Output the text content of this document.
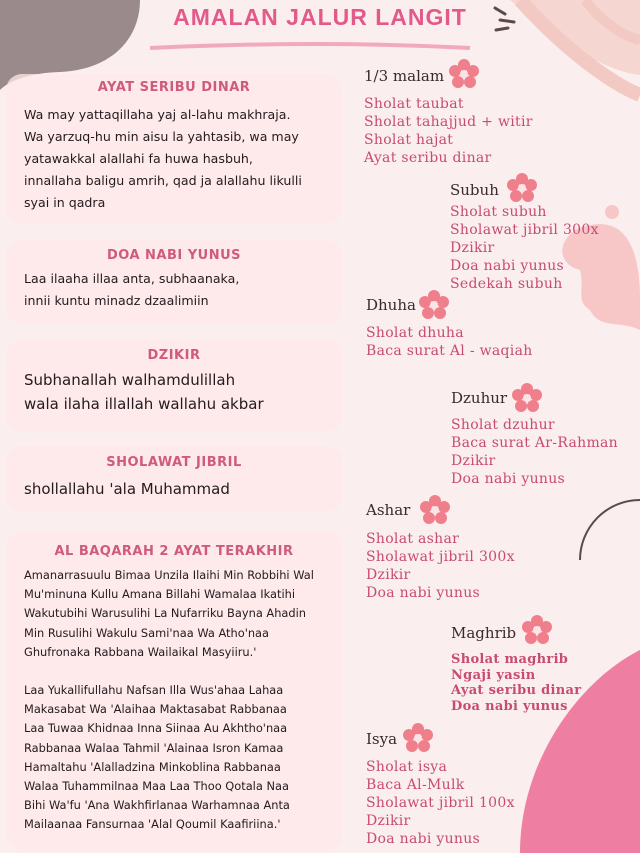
AMALAN JALUR LANGIT
AYAT SERIBU DINAR
Wa may yattaqillaha yaj al-lahu makhraja.
Wa yarzuq-hu min aisu la yahtasib, wa may
yatawakkal alallahi fa huwa hasbuh,
innallaha baligu amrih, qad ja alallahu likulli
syai in qadra
DOA NABI YUNUS
Laa ilaaha illaa anta, subhaanaka,
innii kuntu minadz dzaalimiin
DZIKIR
Subhanallah walhamdulillah
wala ilaha illallah wallahu akbar
SHOLAWAT JIBRIL
shollallahu 'ala Muhammad
AL BAQARAH 2 AYAT TERAKHIR
Amanarrasuulu Bimaa Unzila Ilaihi Min Robbihi Wal
Mu'minuna Kullu Amana Billahi Wamalaa Ikatihi
Wakutubihi Warusulihi La Nufarriku Bayna Ahadin
Min Rusulihi Wakulu Sami'naa Wa Atho'naa
Ghufronaka Rabbana Wailaikal Masyiiru.'
Laa Yukallifullahu Nafsan Illa Wus'ahaa Lahaa
Makasabat Wa 'Alaihaa Maktasabat Rabbanaa
Laa Tuwaa Khidnaa Inna Siinaa Au Akhtho'naa
Rabbanaa Walaa Tahmil 'Alainaa Isron Kamaa
Hamaltahu 'Alalladzina Minkoblina Rabbanaa
Walaa Tuhammilnaa Maa Laa Thoo Qotala Naa
Bihi Wa'fu 'Ana Wakhfirlanaa Warhamnaa Anta
Mailaanaa Fansurnaa 'Alal Qoumil Kaafiriina.'
1/3 malam
Sholat taubat
Sholat tahajjud + witir
Sholat hajat
Ayat seribu dinar
Subuh
Sholat subuh
Sholawat jibril 300x
Dzikir
Doa nabi yunus
Sedekah subuh
Dhuha
Sholat dhuha
Baca surat Al - waqiah
Dzuhur
Sholat dzuhur
Baca surat Ar-Rahman
Dzikir
Doa nabi yunus
Ashar
Sholat ashar
Sholawat jibril 300x
Dzikir
Doa nabi yunus
Maghrib
Sholat maghrib
Ngaji yasin
Ayat seribu dinar
Doa nabi yunus
Isya
Sholat isya
Baca Al-Mulk
Sholawat jibril 100x
Dzikir
Doa nabi yunus
